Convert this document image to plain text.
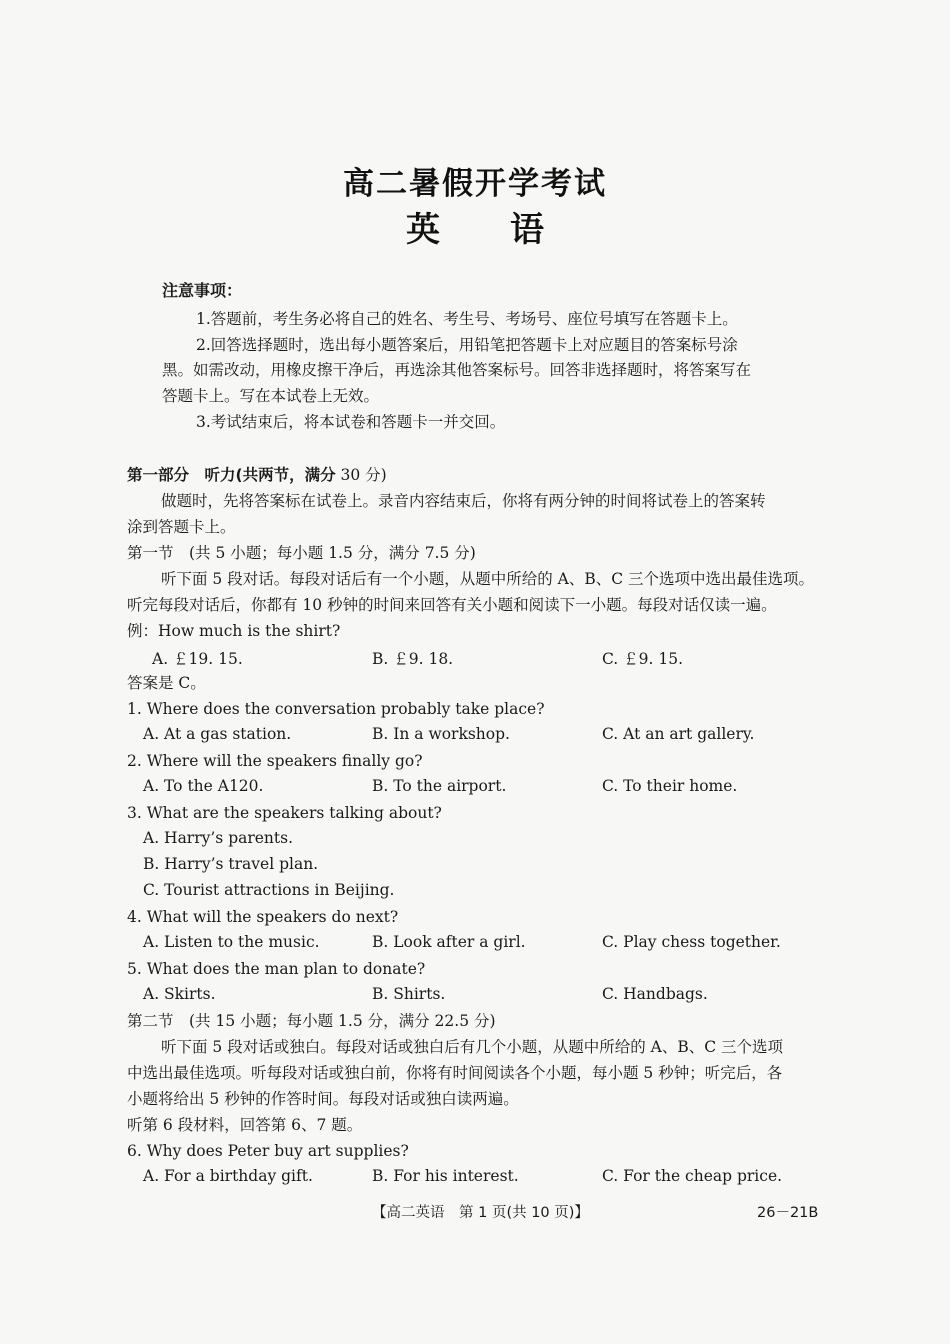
高二暑假开学考试
英语
注意事项：
1.答题前，考生务必将自己的姓名、考生号、考场号、座位号填写在答题卡上。
2.回答选择题时，选出每小题答案后，用铅笔把答题卡上对应题目的答案标号涂
黑。如需改动，用橡皮擦干净后，再选涂其他答案标号。回答非选择题时，将答案写在
答题卡上。写在本试卷上无效。
3.考试结束后，将本试卷和答题卡一并交回。
第一部分　听力(共两节，满分 30 分)
做题时，先将答案标在试卷上。录音内容结束后，你将有两分钟的时间将试卷上的答案转
涂到答题卡上。
第一节　(共 5 小题；每小题 1.5 分，满分 7.5 分)
听下面 5 段对话。每段对话后有一个小题，从题中所给的 A、B、C 三个选项中选出最佳选项。
听完每段对话后，你都有 10 秒钟的时间来回答有关小题和阅读下一小题。每段对话仅读一遍。
例：How much is the shirt?
A. ￡19. 15.	B. ￡9. 18.	C. ￡9. 15.
答案是 C。
1. Where does the conversation probably take place?
A. At a gas station.	B. In a workshop.	C. At an art gallery.
2. Where will the speakers finally go?
A. To the A120.	B. To the airport.	C. To their home.
3. What are the speakers talking about?
A. Harry’s parents.
B. Harry’s travel plan.
C. Tourist attractions in Beijing.
4. What will the speakers do next?
A. Listen to the music.	B. Look after a girl.	C. Play chess together.
5. What does the man plan to donate?
A. Skirts.	B. Shirts.	C. Handbags.
第二节　(共 15 小题；每小题 1.5 分，满分 22.5 分)
听下面 5 段对话或独白。每段对话或独白后有几个小题，从题中所给的 A、B、C 三个选项
中选出最佳选项。听每段对话或独白前，你将有时间阅读各个小题，每小题 5 秒钟；听完后，各
小题将给出 5 秒钟的作答时间。每段对话或独白读两遍。
听第 6 段材料，回答第 6、7 题。
6. Why does Peter buy art supplies?
A. For a birthday gift.	B. For his interest.	C. For the cheap price.
【高二英语　第 1 页(共 10 页)】	26－21B
